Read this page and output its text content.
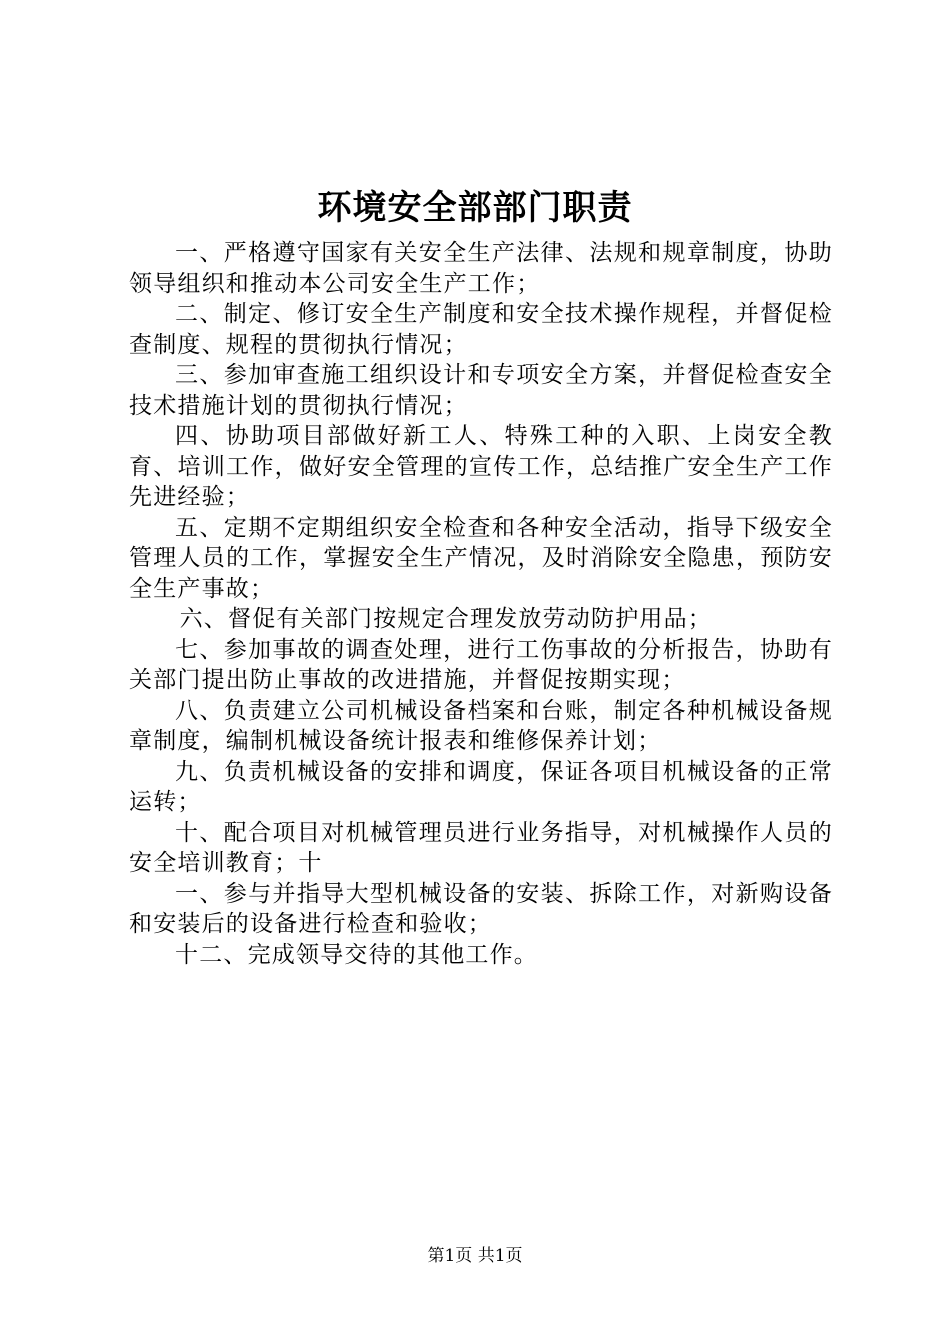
环境安全部部门职责

一、严格遵守国家有关安全生产法律、法规和规章制度，协助领导组织和推动本公司安全生产工作；

二、制定、修订安全生产制度和安全技术操作规程，并督促检查制度、规程的贯彻执行情况；

三、参加审查施工组织设计和专项安全方案，并督促检查安全技术措施计划的贯彻执行情况；

四、协助项目部做好新工人、特殊工种的入职、上岗安全教育、培训工作，做好安全管理的宣传工作，总结推广安全生产工作先进经验；

五、定期不定期组织安全检查和各种安全活动，指导下级安全管理人员的工作，掌握安全生产情况，及时消除安全隐患，预防安全生产事故；

六、督促有关部门按规定合理发放劳动防护用品；

七、参加事故的调查处理，进行工伤事故的分析报告，协助有关部门提出防止事故的改进措施，并督促按期实现；

八、负责建立公司机械设备档案和台账，制定各种机械设备规章制度，编制机械设备统计报表和维修保养计划；

九、负责机械设备的安排和调度，保证各项目机械设备的正常运转；

十、配合项目对机械管理员进行业务指导，对机械操作人员的安全培训教育；十

一、参与并指导大型机械设备的安装、拆除工作，对新购设备和安装后的设备进行检查和验收；

十二、完成领导交待的其他工作。

第1页 共1页
